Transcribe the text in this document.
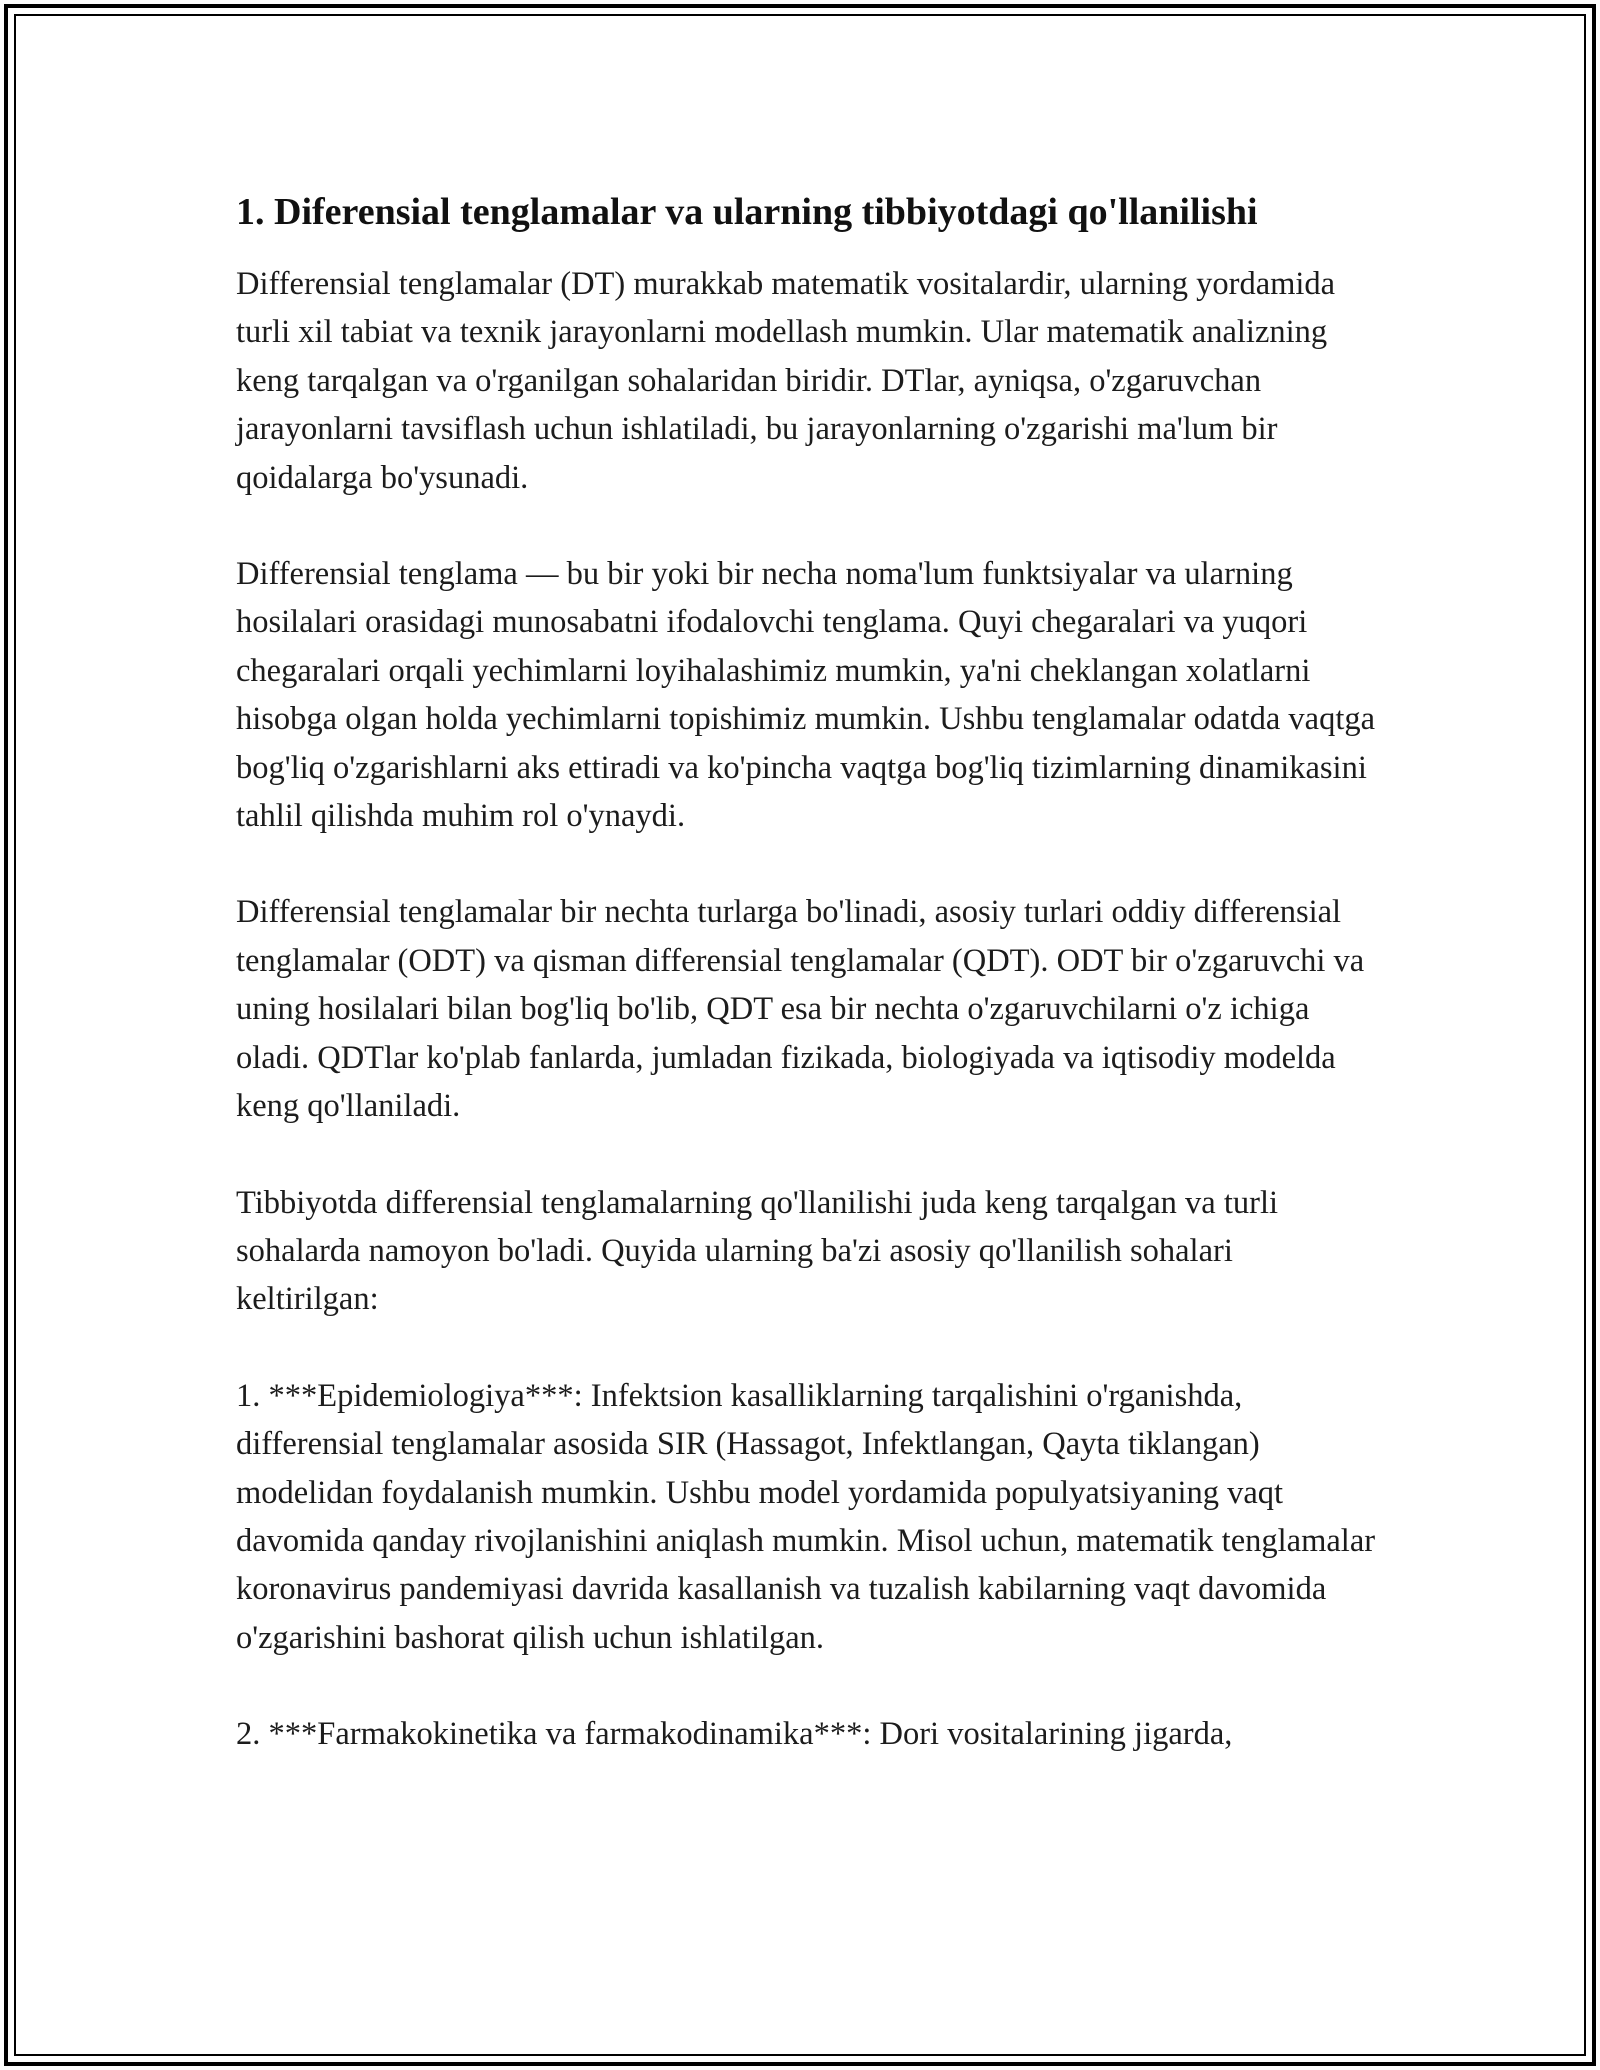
1. Diferensial tenglamalar va ularning tibbiyotdagi qo'llanilishi

Differensial tenglamalar (DT) murakkab matematik vositalardir, ularning yordamida turli xil tabiat va texnik jarayonlarni modellash mumkin. Ular matematik analizning keng tarqalgan va o'rganilgan sohalaridan biridir. DTlar, ayniqsa, o'zgaruvchan jarayonlarni tavsiflash uchun ishlatiladi, bu jarayonlarning o'zgarishi ma'lum bir qoidalarga bo'ysunadi.

Differensial tenglama — bu bir yoki bir necha noma'lum funktsiyalar va ularning hosilalari orasidagi munosabatni ifodalovchi tenglama. Quyi chegaralari va yuqori chegaralari orqali yechimlarni loyihalashimiz mumkin, ya'ni cheklangan xolatlarni hisobga olgan holda yechimlarni topishimiz mumkin. Ushbu tenglamalar odatda vaqtga bog'liq o'zgarishlarni aks ettiradi va ko'pincha vaqtga bog'liq tizimlarning dinamikasini tahlil qilishda muhim rol o'ynaydi.

Differensial tenglamalar bir nechta turlarga bo'linadi, asosiy turlari oddiy differensial tenglamalar (ODT) va qisman differensial tenglamalar (QDT). ODT bir o'zgaruvchi va uning hosilalari bilan bog'liq bo'lib, QDT esa bir nechta o'zgaruvchilarni o'z ichiga oladi. QDTlar ko'plab fanlarda, jumladan fizikada, biologiyada va iqtisodiy modelda keng qo'llaniladi.

Tibbiyotda differensial tenglamalarning qo'llanilishi juda keng tarqalgan va turli sohalarda namoyon bo'ladi. Quyida ularning ba'zi asosiy qo'llanilish sohalari keltirilgan:

1. ***Epidemiologiya***: Infektsion kasalliklarning tarqalishini o'rganishda, differensial tenglamalar asosida SIR (Hassagot, Infektlangan, Qayta tiklangan) modelidan foydalanish mumkin. Ushbu model yordamida populyatsiyaning vaqt davomida qanday rivojlanishini aniqlash mumkin. Misol uchun, matematik tenglamalar koronavirus pandemiyasi davrida kasallanish va tuzalish kabilarning vaqt davomida o'zgarishini bashorat qilish uchun ishlatilgan.

2. ***Farmakokinetika va farmakodinamika***: Dori vositalarining jigarda,
